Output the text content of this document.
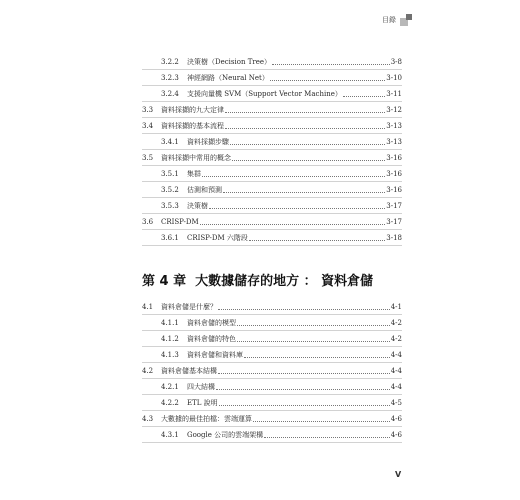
目錄
3.2.2	決策樹（Decision Tree）	3-8
3.2.3	神經網路（Neural Net）	3-10
3.2.4	支援向量機 SVM（Support Vector Machine）	3-11
3.3	資料採擷的九大定律	3-12
3.4	資料採擷的基本流程	3-13
3.4.1	資料採擷步驟	3-13
3.5	資料採擷中常用的概念	3-16
3.5.1	集群	3-16
3.5.2	估測和預測	3-16
3.5.3	決策樹	3-17
3.6	CRISP-DM	3-17
3.6.1	CRISP-DM 六階段	3-18
第 4 章 大數據儲存的地方 ： 資料倉儲
4.1	資料倉儲是什麼？	4-1
4.1.1	資料倉儲的模型	4-2
4.1.2	資料倉儲的特色	4-2
4.1.3	資料倉儲和資料庫	4-4
4.2	資料倉儲基本結構	4-4
4.2.1	四大結構	4-4
4.2.2	ETL 說明	4-5
4.3	大數據的最佳拍檔：雲端運算	4-6
4.3.1	Google 公司的雲端架構	4-6
V
